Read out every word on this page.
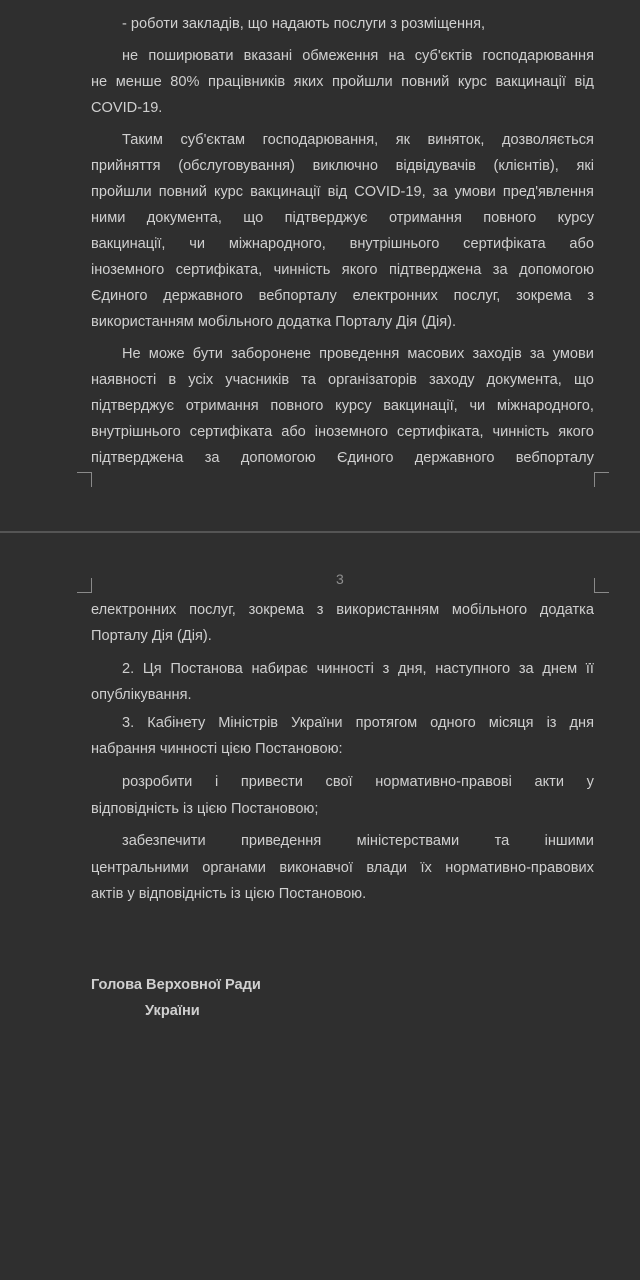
- роботи закладів, що надають послуги з розміщення,
не поширювати вказані обмеження на суб'єктів господарювання
не менше 80% працівників яких пройшли повний курс вакцинації від
COVID-19.
Таким суб'єктам господарювання, як виняток, дозволяється
прийняття (обслуговування) виключно відвідувачів (клієнтів), які
пройшли повний курс вакцинації від COVID-19, за умови пред'явлення
ними документа, що підтверджує отримання повного курсу
вакцинації, чи міжнародного, внутрішнього сертифіката або
іноземного сертифіката, чинність якого підтверджена за допомогою
Єдиного державного вебпорталу електронних послуг, зокрема з
використанням мобільного додатка Порталу Дія (Дія).
Не може бути заборонене проведення масових заходів за умови
наявності в усіх учасників та організаторів заходу документа, що
підтверджує отримання повного курсу вакцинації, чи міжнародного,
внутрішнього сертифіката або іноземного сертифіката, чинність якого
підтверджена за допомогою Єдиного державного вебпорталу
3
електронних послуг, зокрема з використанням мобільного додатка
Порталу Дія (Дія).
2. Ця Постанова набирає чинності з дня, наступного за днем її
опублікування.
3. Кабінету Міністрів України протягом одного місяця із дня
набрання чинності цією Постановою:
розробити і привести свої нормативно-правові акти у
відповідність із цією Постановою;
забезпечити приведення міністерствами та іншими
центральними органами виконавчої влади їх нормативно-правових
актів у відповідність із цією Постановою.
Голова Верховної Ради
України
